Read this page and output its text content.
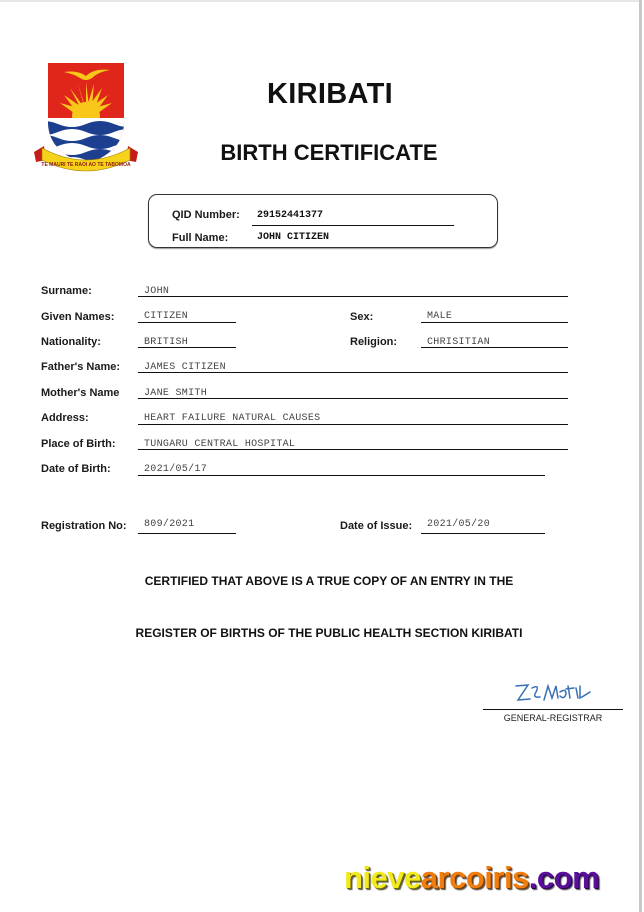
TE MAURI TE RAOI AO TE TABOMOA
KIRIBATI
BIRTH CERTIFICATE
QID Number: 29152441377
Full Name:	JOHN CITIZEN
Surname:	JOHN
Given Names:	CITIZEN	Sex:	MALE
Nationality:	BRITISH	Religion:	CHRISITIAN
Father's Name: JAMES CITIZEN
Mother's Name JANE SMITH
Address:	HEART FAILURE NATURAL CAUSES
Place of Birth:	TUNGARU CENTRAL HOSPITAL
Date of Birth:	2021/05/17
Registration No: 809/2021	Date of Issue: 2021/05/20
CERTIFIED THAT ABOVE IS A TRUE COPY OF AN ENTRY IN THE
REGISTER OF BIRTHS OF THE PUBLIC HEALTH SECTION KIRIBATI
GENERAL-REGISTRAR
nievearcoiris.com
